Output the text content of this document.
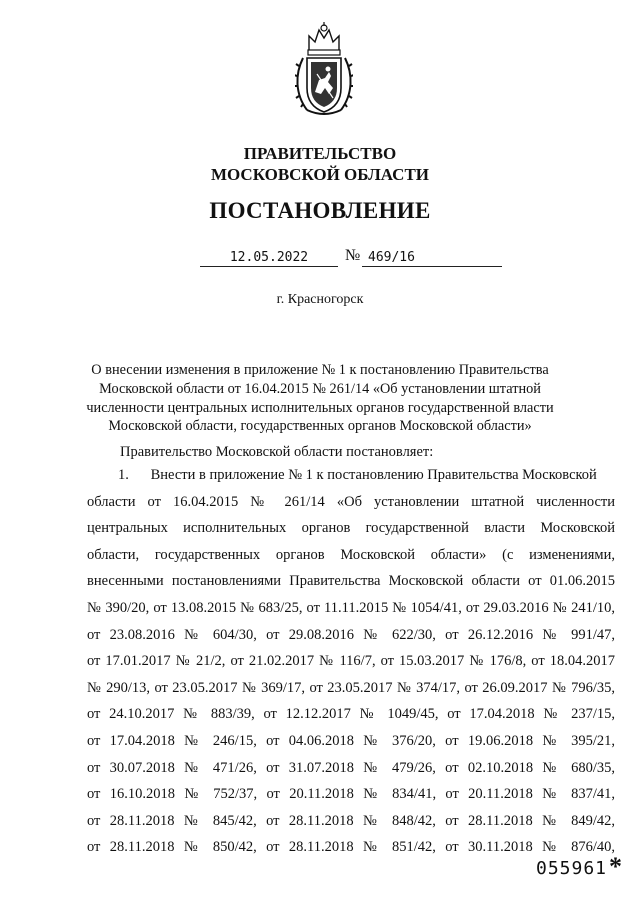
ПРАВИТЕЛЬСТВО
МОСКОВСКОЙ ОБЛАСТИ
ПОСТАНОВЛЕНИЕ
12.05.2022	№ 469/16
г. Красногорск
О внесении изменения в приложение № 1 к постановлению Правительства
Московской области от 16.04.2015 № 261/14 «Об установлении штатной
численности центральных исполнительных органов государственной власти
Московской области, государственных органов Московской области»
Правительство Московской области постановляет:
1.      Внести в приложение № 1 к постановлению Правительства Московской
области от 16.04.2015 № 261/14 «Об установлении штатной численности
центральных исполнительных органов государственной власти Московской
области, государственных органов Московской области» (с изменениями,
внесенными постановлениями Правительства Московской области от 01.06.2015
№ 390/20, от 13.08.2015 № 683/25, от 11.11.2015 № 1054/41, от 29.03.2016 № 241/10,
от 23.08.2016 № 604/30, от 29.08.2016 № 622/30, от 26.12.2016 № 991/47,
от 17.01.2017 № 21/2, от 21.02.2017 № 116/7, от 15.03.2017 № 176/8, от 18.04.2017
№ 290/13, от 23.05.2017 № 369/17, от 23.05.2017 № 374/17, от 26.09.2017 № 796/35,
от 24.10.2017 № 883/39, от 12.12.2017 № 1049/45, от 17.04.2018 № 237/15,
от 17.04.2018 № 246/15, от 04.06.2018 № 376/20, от 19.06.2018 № 395/21,
от 30.07.2018 № 471/26, от 31.07.2018 № 479/26, от 02.10.2018 № 680/35,
от 16.10.2018 № 752/37, от 20.11.2018 № 834/41, от 20.11.2018 № 837/41,
от 28.11.2018 № 845/42, от 28.11.2018 № 848/42, от 28.11.2018 № 849/42,
от 28.11.2018 № 850/42, от 28.11.2018 № 851/42, от 30.11.2018 № 876/40,
055961 *
